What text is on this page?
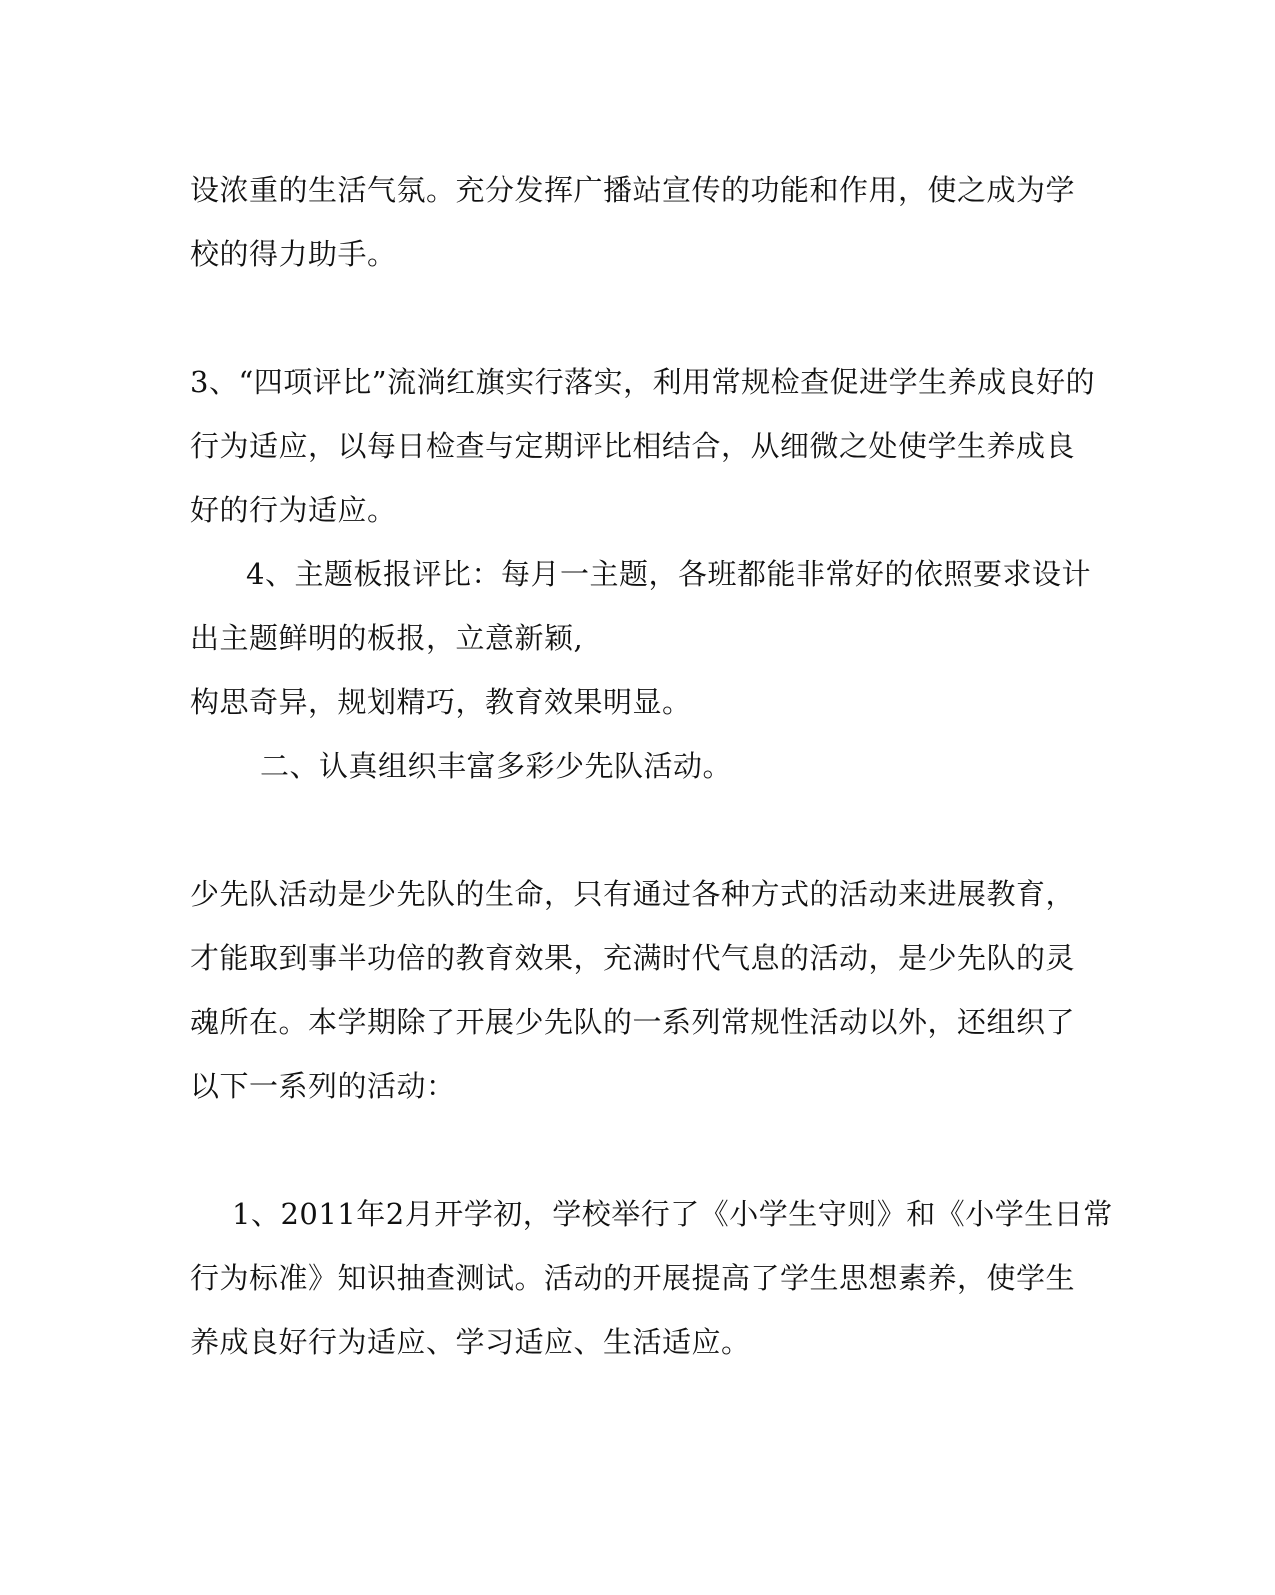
设浓重的生活气氛。充分发挥广播站宣传的功能和作用，使之成为学
校的得力助手。
3、“四项评比”流淌红旗实行落实，利用常规检查促进学生养成良好的
行为适应，以每日检查与定期评比相结合，从细微之处使学生养成良
好的行为适应。
4、主题板报评比：每月一主题，各班都能非常好的依照要求设计
出主题鲜明的板报，立意新颖,
构思奇异，规划精巧，教育效果明显。
二、认真组织丰富多彩少先队活动。
少先队活动是少先队的生命，只有通过各种方式的活动来进展教育，
才能取到事半功倍的教育效果，充满时代气息的活动，是少先队的灵
魂所在。本学期除了开展少先队的一系列常规性活动以外，还组织了
以下一系列的活动：
1、2011年2月开学初，学校举行了《小学生守则》和《小学生日常
行为标准》知识抽查测试。活动的开展提高了学生思想素养，使学生
养成良好行为适应、学习适应、生活适应。
